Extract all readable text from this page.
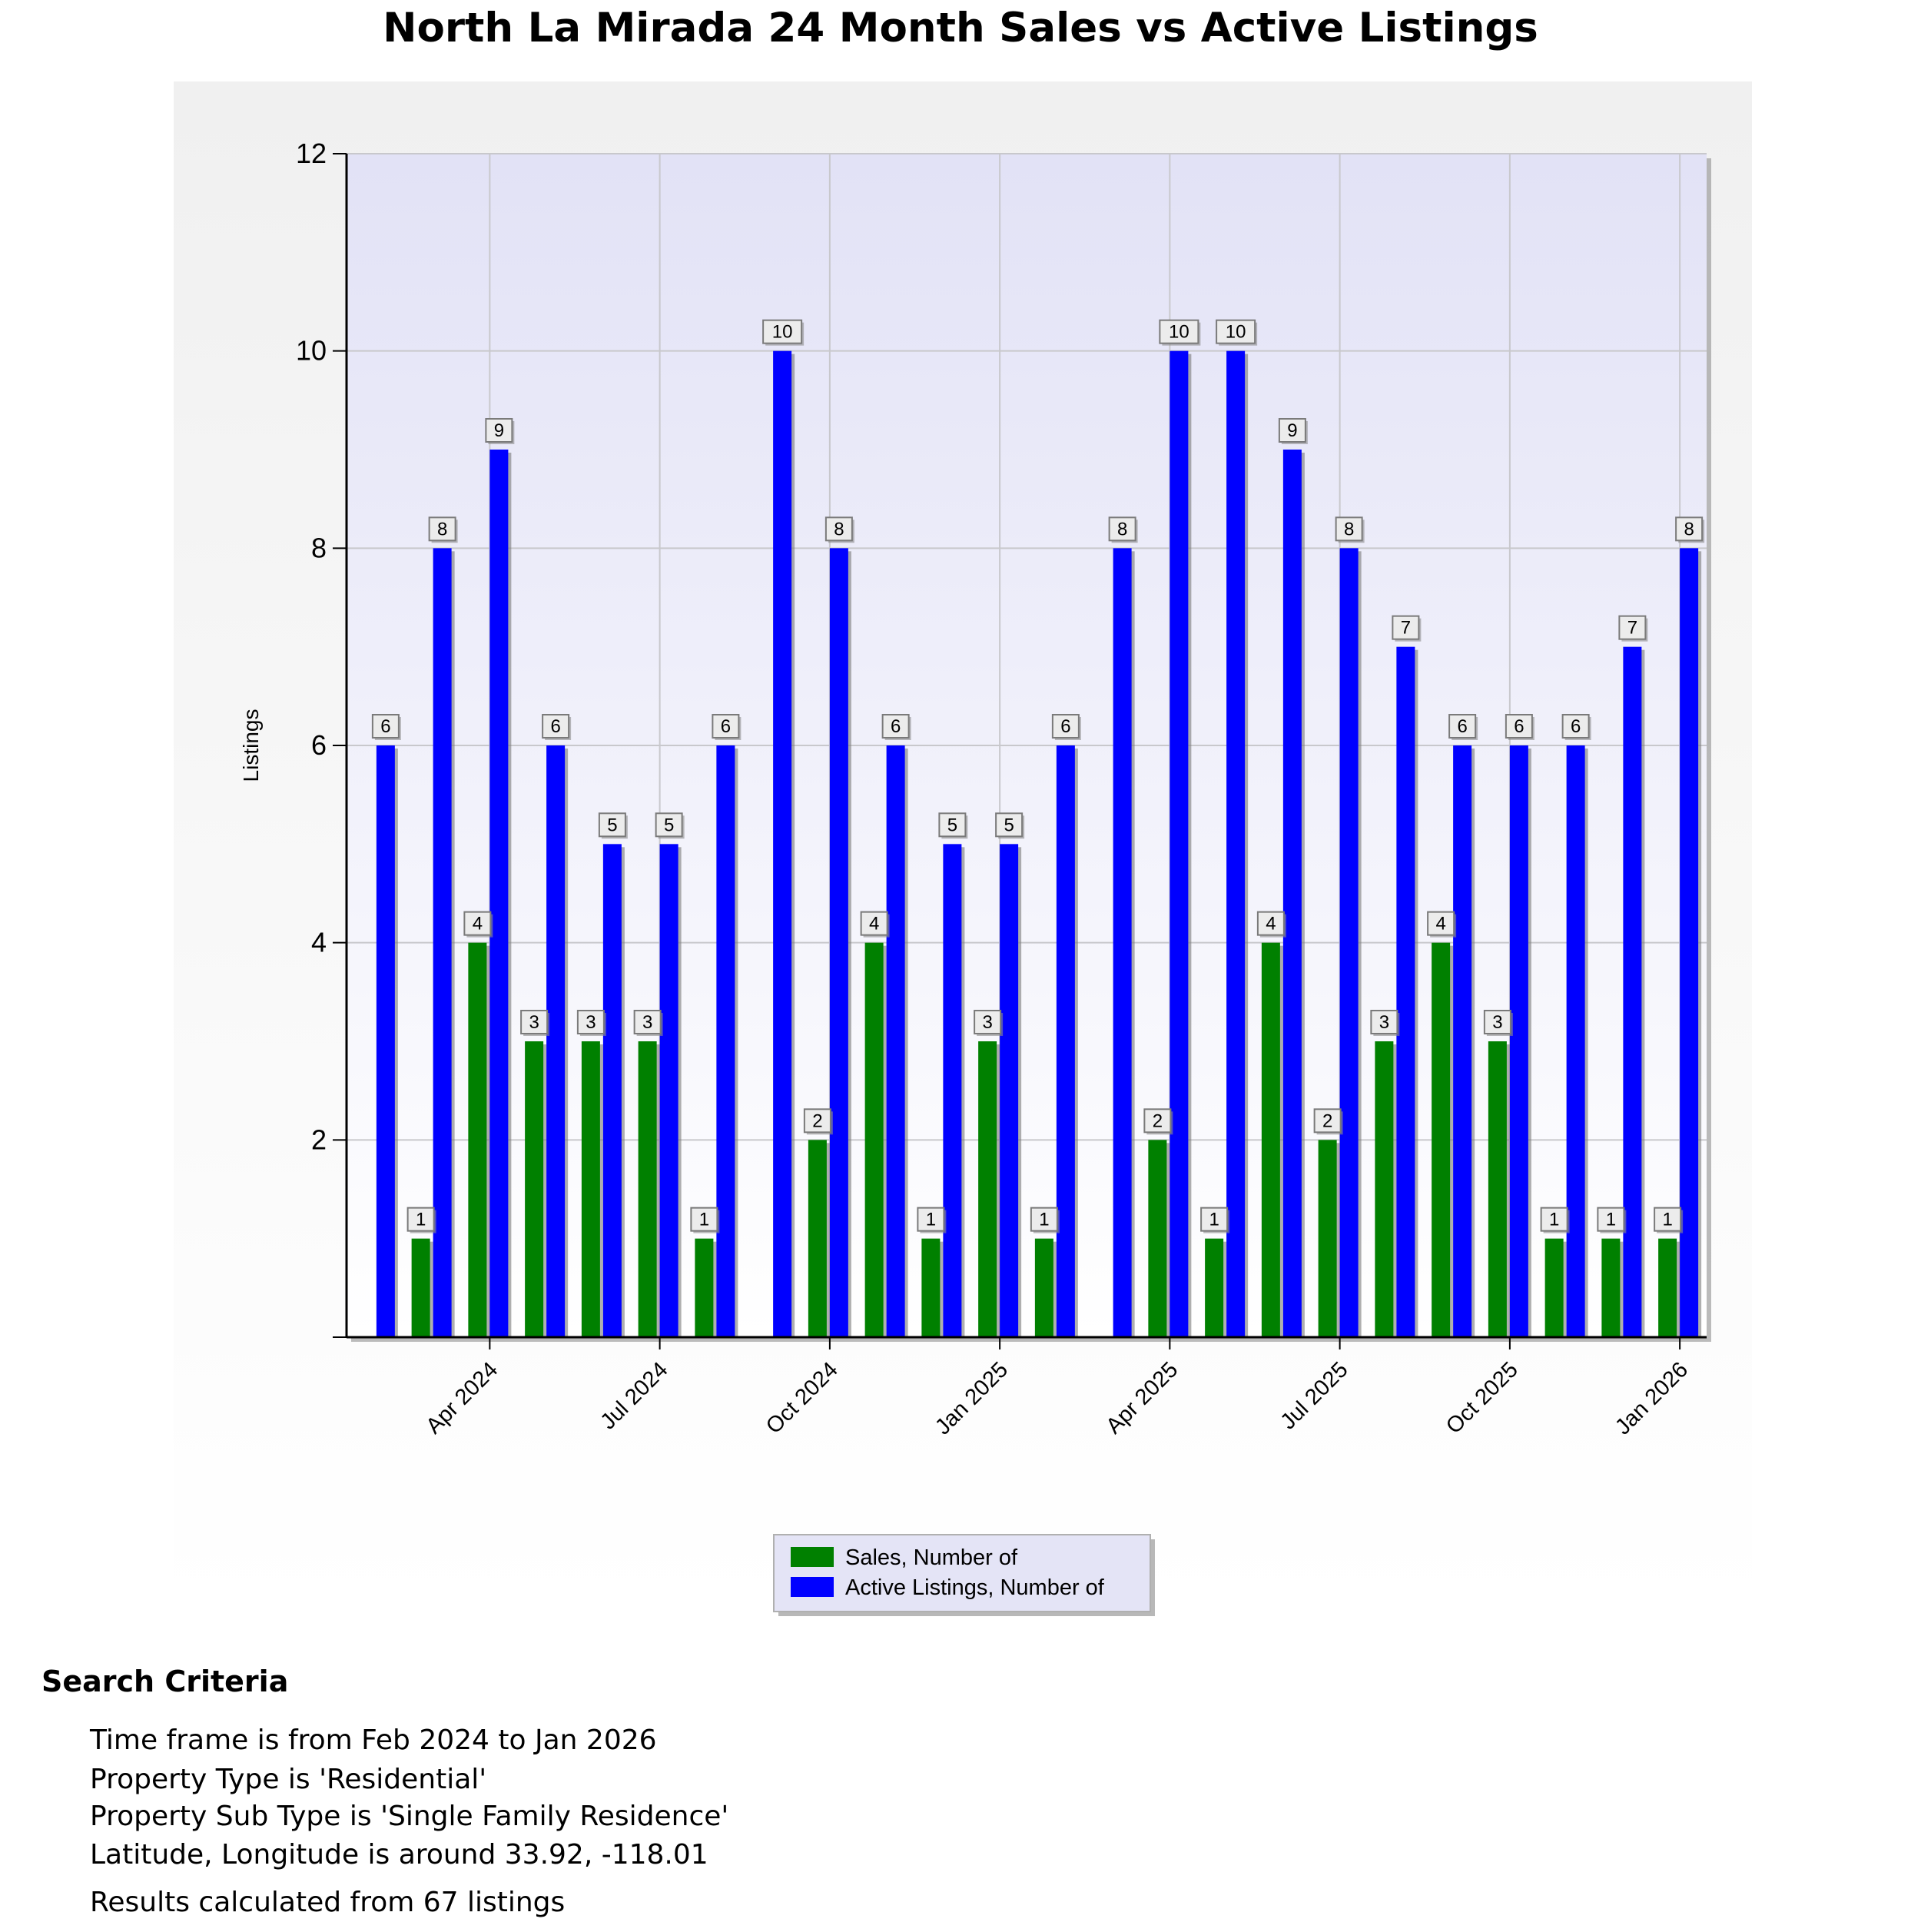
North La Mirada 24 Month Sales vs Active Listings
2
4
6
8
10
12
Apr 2024	Jul 2024	Oct 2024	Jan 2025	Apr 2025	Jul 2025	Oct 2025	Jan 2026
1
4
3	3	3
1
2
4
1
3
1
2
1
4
2
3
4
3
1	1	1
6
8
9
6
5	5
6
10
8
6
5	5
6
8
10 10
9
8
7
6	6	6
7
8
Listings
Sales, Number of
Active Listings, Number of
Search Criteria
Time frame is from Feb 2024 to Jan 2026
Property Type is 'Residential'
Property Sub Type is 'Single Family Residence'
Latitude, Longitude is around 33.92, -118.01
Results calculated from 67 listings
